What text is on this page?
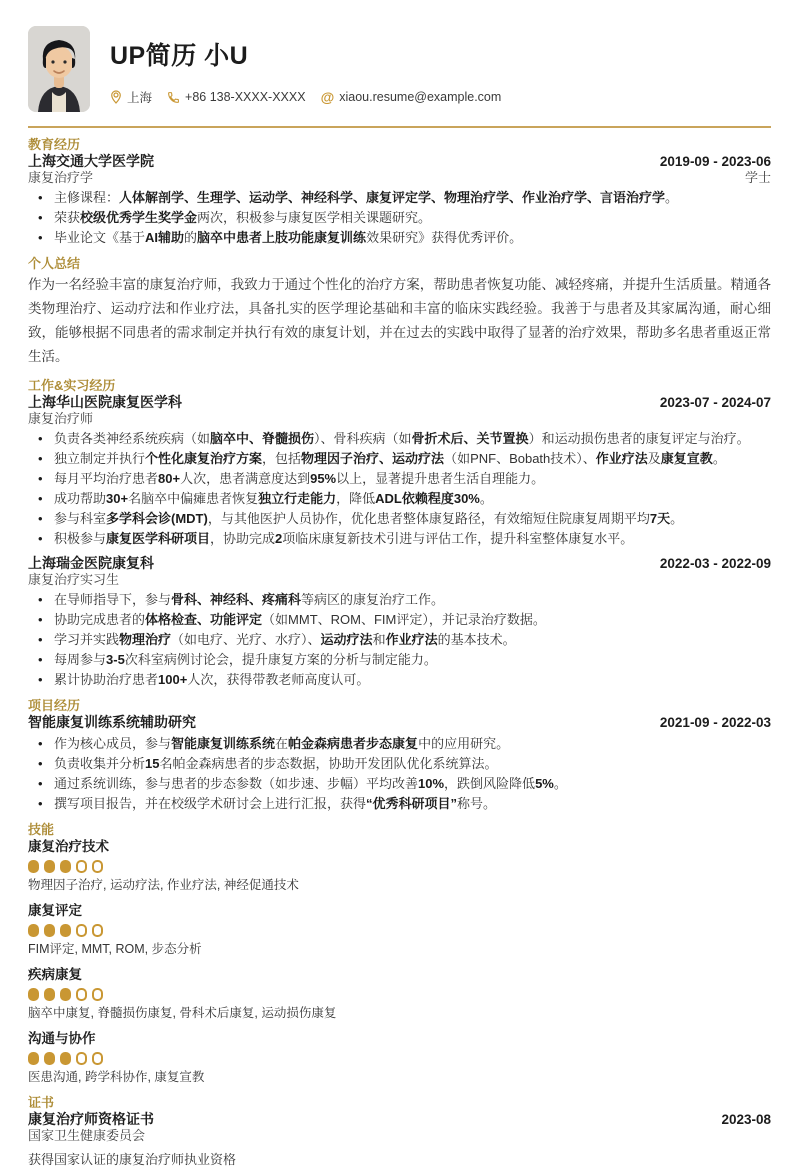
UP简历 小U
上海	+86 138-XXXX-XXXX @ xiaou.resume@example.com
教育经历
上海交通大学医学院	2019-09 - 2023-06
康复治疗学	学士
• 主修课程：人体解剖学、生理学、运动学、神经科学、康复评定学、物理治疗学、作业治疗学、言语治疗学。
• 荣获校级优秀学生奖学金两次，积极参与康复医学相关课题研究。
• 毕业论文《基于AI辅助的脑卒中患者上肢功能康复训练效果研究》获得优秀评价。
个人总结
作为一名经验丰富的康复治疗师，我致力于通过个性化的治疗方案，帮助患者恢复功能、减轻疼痛，并提升生活质量。精通各类物理治疗、运动疗法和作业疗法，具备扎实的医学理论基础和丰富的临床实践经验。我善于与患者及其家属沟通，耐心细致，能够根据不同患者的需求制定并执行有效的康复计划，并在过去的实践中取得了显著的治疗效果，帮助多名患者重返正常生活。
工作&实习经历
上海华山医院康复医学科	2023-07 - 2024-07
康复治疗师
• 负责各类神经系统疾病（如脑卒中、脊髓损伤）、骨科疾病（如骨折术后、关节置换）和运动损伤患者的康复评定与治疗。
• 独立制定并执行个性化康复治疗方案，包括物理因子治疗、运动疗法（如PNF、Bobath技术）、作业疗法及康复宣教。
• 每月平均治疗患者80+人次，患者满意度达到95%以上，显著提升患者生活自理能力。
• 成功帮助30+名脑卒中偏瘫患者恢复独立行走能力，降低ADL依赖程度30%。
• 参与科室多学科会诊(MDT)，与其他医护人员协作，优化患者整体康复路径，有效缩短住院康复周期平均7天。
• 积极参与康复医学科研项目，协助完成2项临床康复新技术引进与评估工作，提升科室整体康复水平。
上海瑞金医院康复科	2022-03 - 2022-09
康复治疗实习生
• 在导师指导下，参与骨科、神经科、疼痛科等病区的康复治疗工作。
• 协助完成患者的体格检查、功能评定（如MMT、ROM、FIM评定），并记录治疗数据。
• 学习并实践物理治疗（如电疗、光疗、水疗）、运动疗法和作业疗法的基本技术。
• 每周参与3-5次科室病例讨论会，提升康复方案的分析与制定能力。
• 累计协助治疗患者100+人次，获得带教老师高度认可。
项目经历
智能康复训练系统辅助研究	2021-09 - 2022-03
• 作为核心成员，参与智能康复训练系统在帕金森病患者步态康复中的应用研究。
• 负责收集并分析15名帕金森病患者的步态数据，协助开发团队优化系统算法。
• 通过系统训练，参与患者的步态参数（如步速、步幅）平均改善10%，跌倒风险降低5%。
• 撰写项目报告，并在校级学术研讨会上进行汇报，获得“优秀科研项目”称号。
技能
康复治疗技术
物理因子治疗, 运动疗法, 作业疗法, 神经促通技术
康复评定
FIM评定, MMT, ROM, 步态分析
疾病康复
脑卒中康复, 脊髓损伤康复, 骨科术后康复, 运动损伤康复
沟通与协作
医患沟通, 跨学科协作, 康复宣教
证书
康复治疗师资格证书	2023-08
国家卫生健康委员会
获得国家认证的康复治疗师执业资格
